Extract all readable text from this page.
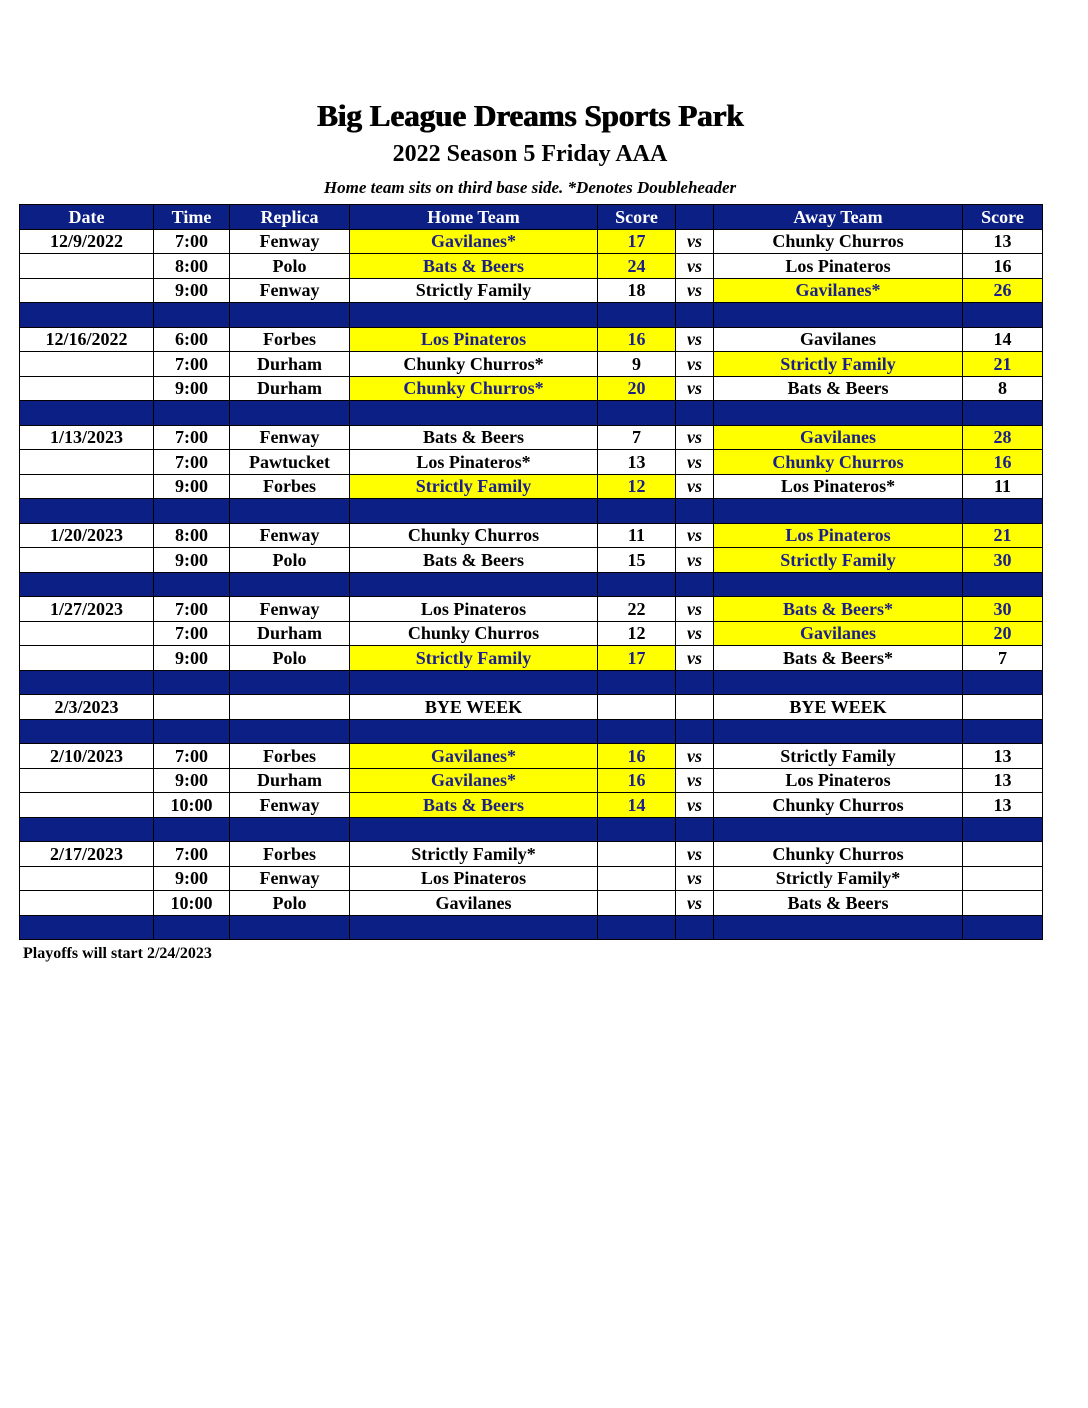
Big League Dreams Sports Park
2022 Season 5 Friday AAA
Home team sits on third base side. *Denotes Doubleheader
Date	Time	Replica	Home Team	Score		Away Team	Score
12/9/2022	7:00	Fenway	Gavilanes*	17	vs	Chunky Churros	13
	8:00	Polo	Bats & Beers	24	vs	Los Pinateros	16
	9:00	Fenway	Strictly Family	18	vs	Gavilanes*	26

12/16/2022	6:00	Forbes	Los Pinateros	16	vs	Gavilanes	14
	7:00	Durham	Chunky Churros*	9	vs	Strictly Family	21
	9:00	Durham	Chunky Churros*	20	vs	Bats & Beers	8

1/13/2023	7:00	Fenway	Bats & Beers	7	vs	Gavilanes	28
	7:00	Pawtucket	Los Pinateros*	13	vs	Chunky Churros	16
	9:00	Forbes	Strictly Family	12	vs	Los Pinateros*	11

1/20/2023	8:00	Fenway	Chunky Churros	11	vs	Los Pinateros	21
	9:00	Polo	Bats & Beers	15	vs	Strictly Family	30

1/27/2023	7:00	Fenway	Los Pinateros	22	vs	Bats & Beers*	30
	7:00	Durham	Chunky Churros	12	vs	Gavilanes	20
	9:00	Polo	Strictly Family	17	vs	Bats & Beers*	7

2/3/2023			BYE WEEK			BYE WEEK	

2/10/2023	7:00	Forbes	Gavilanes*	16	vs	Strictly Family	13
	9:00	Durham	Gavilanes*	16	vs	Los Pinateros	13
	10:00	Fenway	Bats & Beers	14	vs	Chunky Churros	13

2/17/2023	7:00	Forbes	Strictly Family*		vs	Chunky Churros	
	9:00	Fenway	Los Pinateros		vs	Strictly Family*	
	10:00	Polo	Gavilanes		vs	Bats & Beers	

Playoffs will start 2/24/2023
